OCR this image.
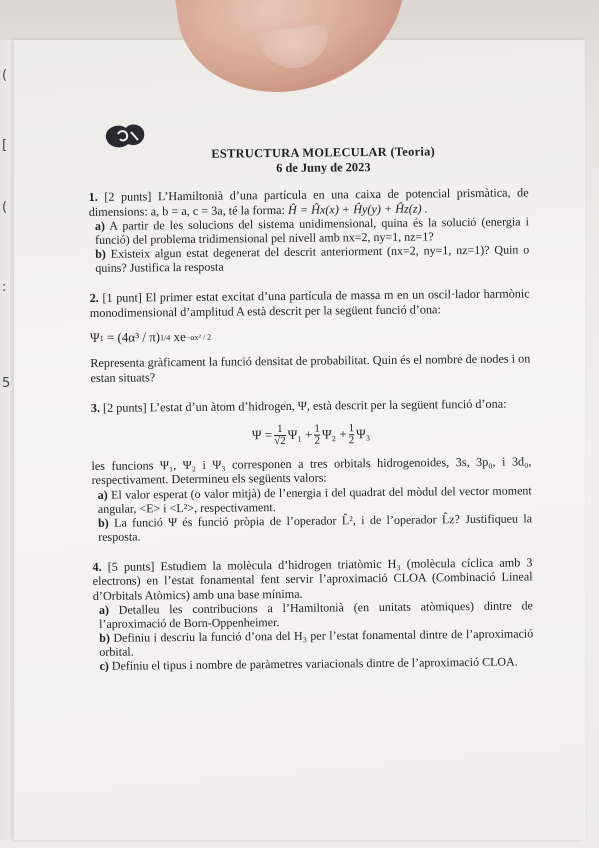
(
[
(
:
5
ESTRUCTURA MOLECULAR (Teoria)
6 de Juny de 2023

1. [2 punts] L’Hamiltonià d’una partícula en una caixa de potencial prismàtica, de dimensions: a, b = a, c = 3a, té la forma: Ĥ = Ĥx(x) + Ĥy(y) + Ĥz(z) .

a) A partir de les solucions del sistema unidimensional, quina és la solució (energia i funció) del problema tridimensional pel nivell amb nx=2, ny=1, nz=1?

b) Existeix algun estat degenerat del descrit anteriorment (nx=2, ny=1, nz=1)? Quin o quins? Justifica la resposta

2. [1 punt] El primer estat excitat d’una partícula de massa m en un oscil·lador harmònic monodimensional d’amplitud A està descrit per la següent funció d’ona:

Ψ 1
= (4α³ / π) 1/4
xe −αx² / 2

Representa gràficament la funció densitat de probabilitat. Quin és el nombre de nodes i on estan situats?

3. [2 punts] L’estat d’un àtom d’hidrogen, Ψ, està descrit per la següent funció d’ona:

$\Psi = \frac{1}{√2} \Psi_1 + \frac{1}{2} \Psi_2 + \frac{1}{2} \Psi_3$

les funcions Ψ₁, Ψ₂ i Ψ₃ corresponen a tres orbitals hidrogenoides, 3s, 3p₀, i 3d₀, respectivament. Determineu els següents valors:

a) El valor esperat (o valor mitjà) de l’energia i del quadrat del mòdul del vector moment angular, <E> i <L²>, respectivament.

b) La funció Ψ és funció pròpia de l’operador L̂², i de l’operador L̂z? Justifiqueu la resposta.

4. [5 punts] Estudiem la molècula d’hidrogen triatòmic H₃ (molècula cíclica amb 3 electrons) en l’estat fonamental fent servir l’aproximació CLOA (Combinació Lineal d’Orbitals Atòmics) amb una base mínima.

a) Detalleu les contribucions a l’Hamiltonià (en unitats atòmiques) dintre de l’aproximació de Born-Oppenheimer.

b) Definiu i descriu la funció d’ona del H₃ per l’estat fonamental dintre de l’aproximació orbital.

c) Definiu el tipus i nombre de paràmetres variacionals dintre de l’aproximació CLOA.
